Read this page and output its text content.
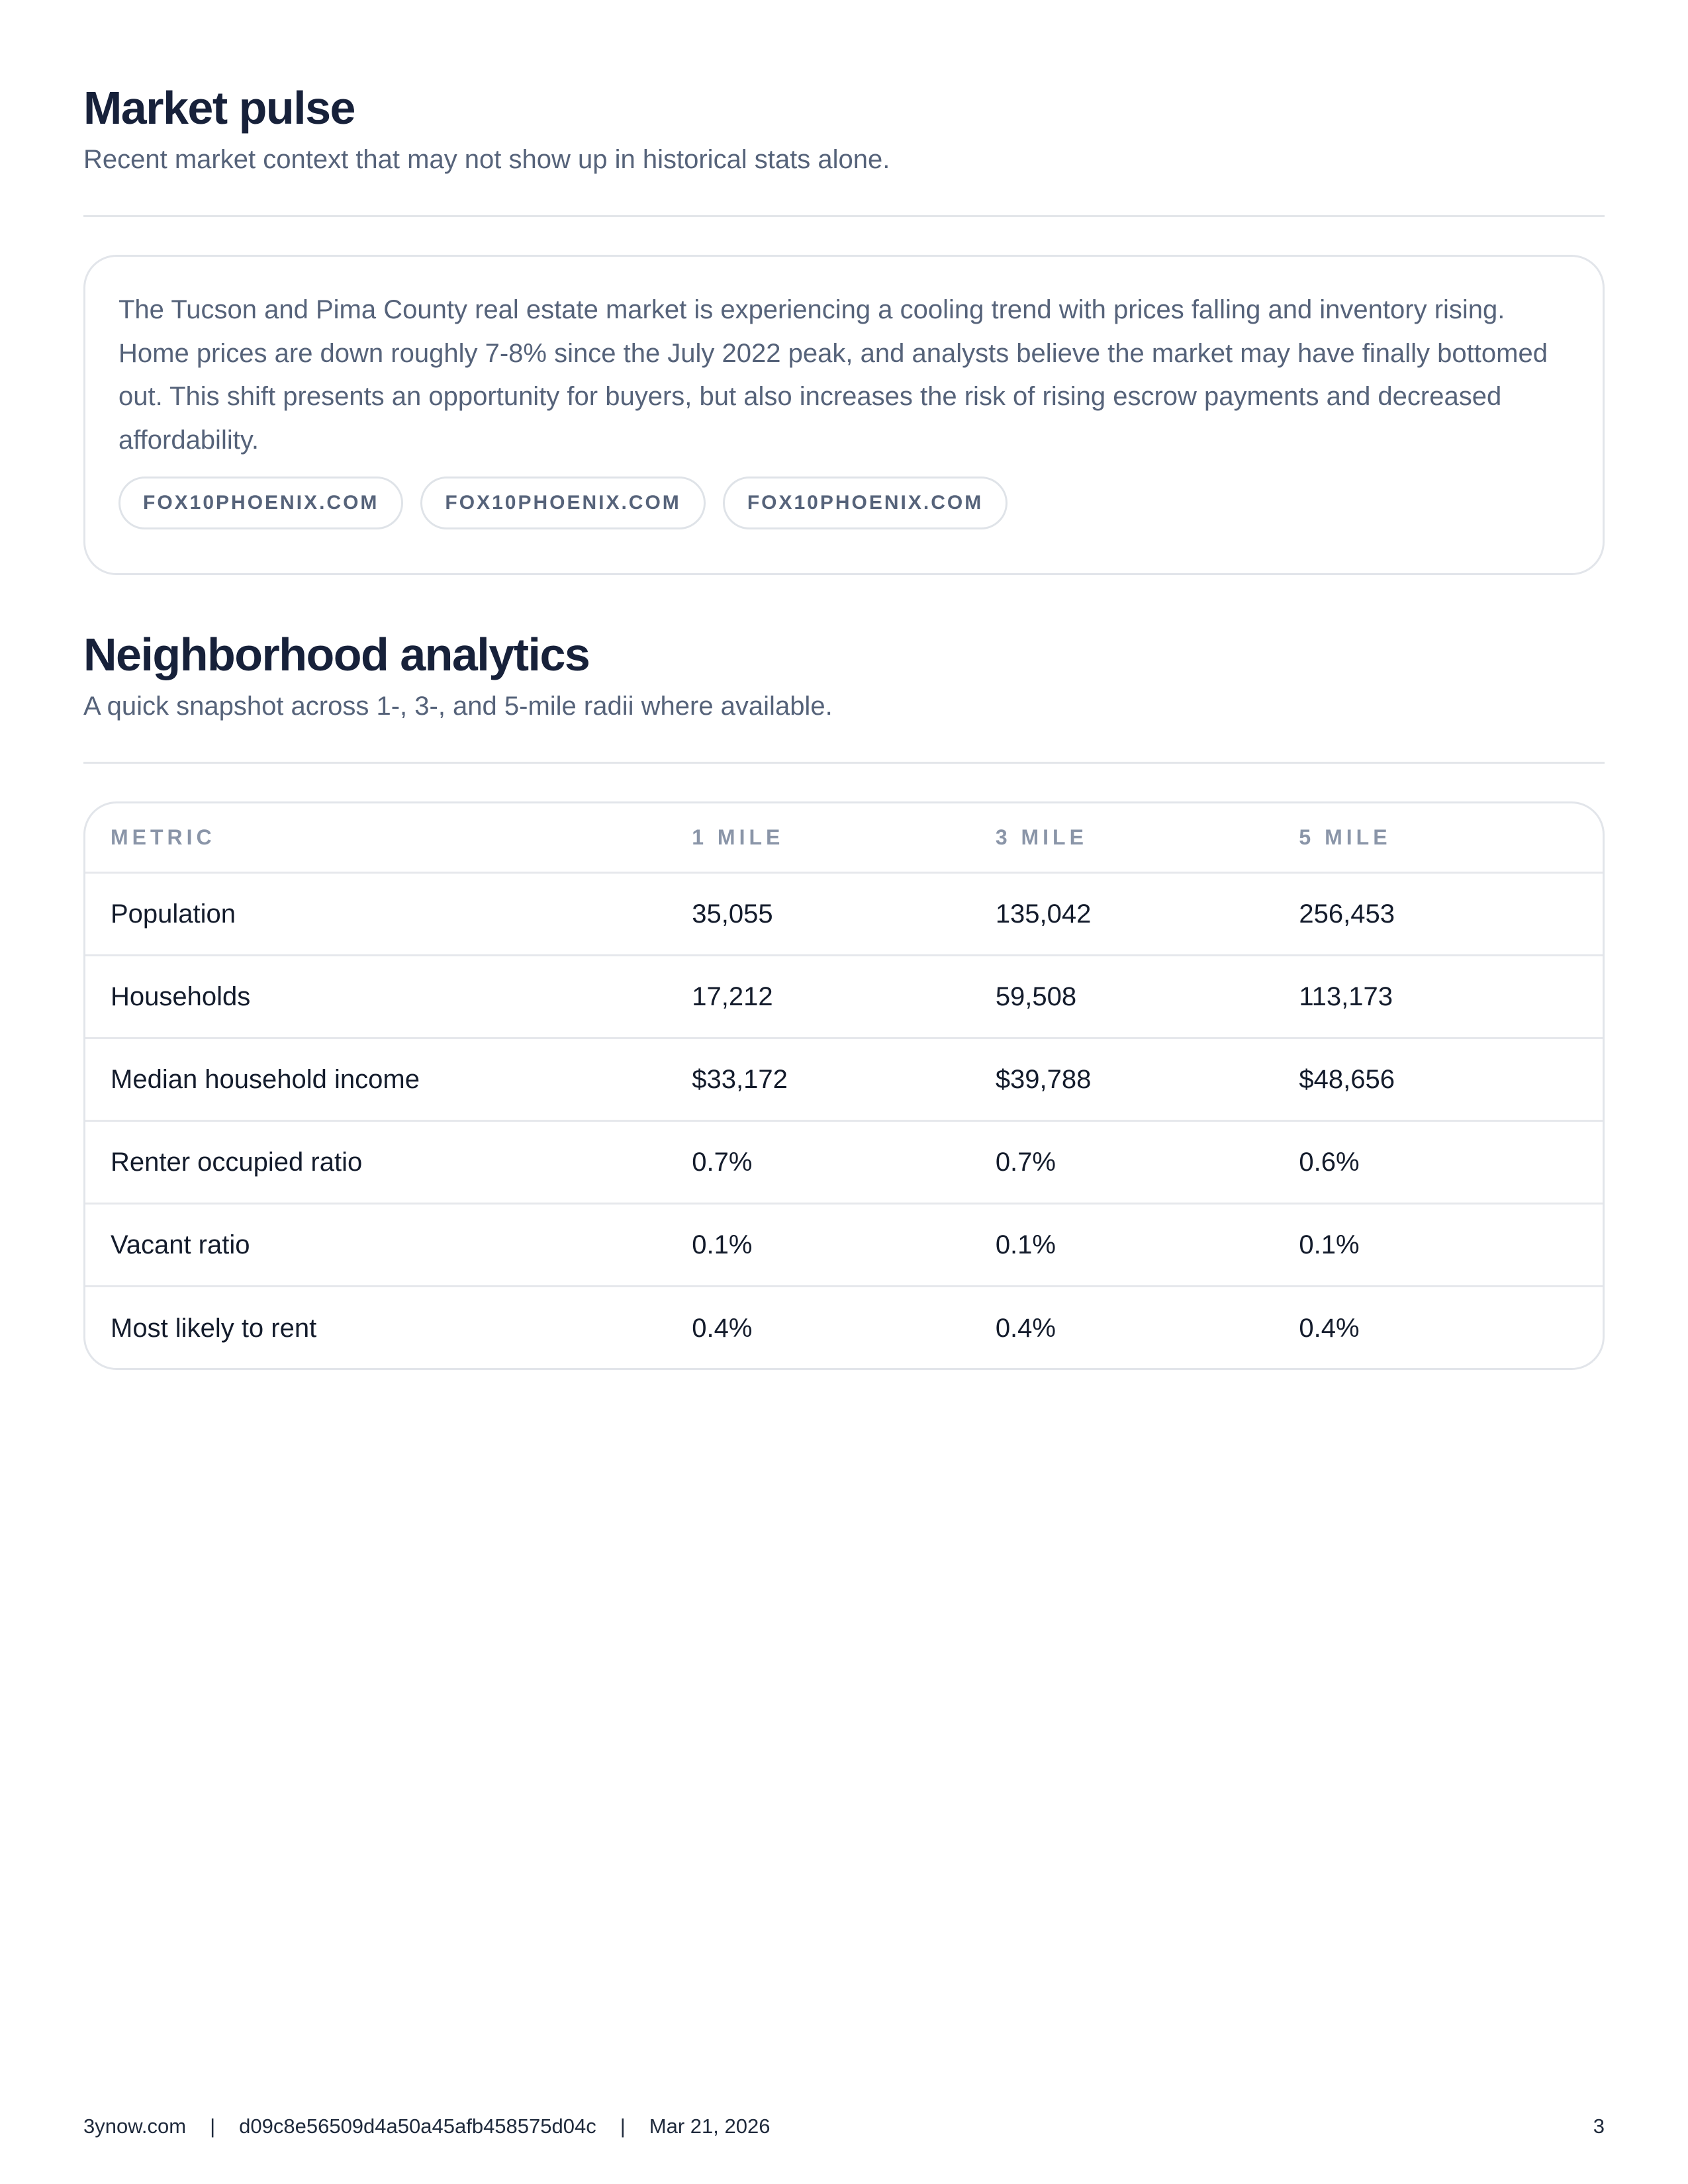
Market pulse

Recent market context that may not show up in historical stats alone.

The Tucson and Pima County real estate market is experiencing a cooling trend with prices falling and inventory rising. Home prices are down roughly 7-8% since the July 2022 peak, and analysts believe the market may have finally bottomed out. This shift presents an opportunity for buyers, but also increases the risk of rising escrow payments and decreased affordability.

FOX10PHOENIX.COM	FOX10PHOENIX.COM	FOX10PHOENIX.COM
Neighborhood analytics

A quick snapshot across 1-, 3-, and 5-mile radii where available.

METRIC	1 MILE	3 MILE	5 MILE
Population	35,055	135,042	256,453
Households	17,212	59,508	113,173
Median household income	$33,172	$39,788	$48,656
Renter occupied ratio	0.7%	0.7%	0.6%
Vacant ratio	0.1%	0.1%	0.1%
Most likely to rent	0.4%	0.4%	0.4%
3ynow.com | d09c8e56509d4a50a45afb458575d04c | Mar 21, 2026	3
